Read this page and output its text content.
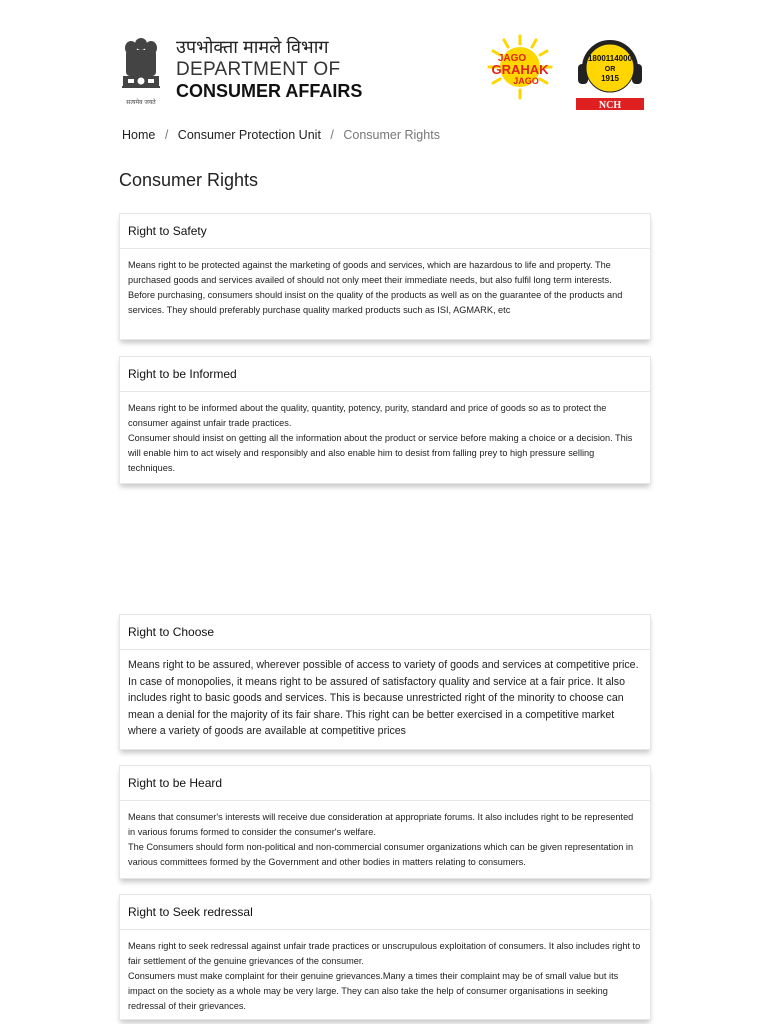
सत्यमेव जयते
उपभोक्ता मामले विभाग
DEPARTMENT OF
CONSUMER AFFAIRS
JAGO
GRAHAK
JAGO
1800114000
OR
1915
NCH
Home / Consumer Protection Unit / Consumer Rights
Consumer Rights
Right to Safety

Means right to be protected against the marketing of goods and services, which are hazardous to life and property. The purchased goods and services availed of should not only meet their immediate needs, but also fulfil long term interests.

Before purchasing, consumers should insist on the quality of the products as well as on the guarantee of the products and services. They should preferably purchase quality marked products such as ISI, AGMARK, etc

Right to be Informed

Means right to be informed about the quality, quantity, potency, purity, standard and price of goods so as to protect the consumer against unfair trade practices.

Consumer should insist on getting all the information about the product or service before making a choice or a decision. This will enable him to act wisely and responsibly and also enable him to desist from falling prey to high pressure selling techniques.

Right to Choose

Means right to be assured, wherever possible of access to variety of goods and services at competitive price. In case of monopolies, it means right to be assured of satisfactory quality and service at a fair price. It also includes right to basic goods and services. This is because unrestricted right of the minority to choose can mean a denial for the majority of its fair share. This right can be better exercised in a competitive market where a variety of goods are available at competitive prices

Right to be Heard

Means that consumer's interests will receive due consideration at appropriate forums. It also includes right to be represented in various forums formed to consider the consumer's welfare.

The Consumers should form non-political and non-commercial consumer organizations which can be given representation in various committees formed by the Government and other bodies in matters relating to consumers.

Right to Seek redressal

Means right to seek redressal against unfair trade practices or unscrupulous exploitation of consumers. It also includes right to fair settlement of the genuine grievances of the consumer.

Consumers must make complaint for their genuine grievances.Many a times their complaint may be of small value but its impact on the society as a whole may be very large. They can also take the help of consumer organisations in seeking redressal of their grievances.
